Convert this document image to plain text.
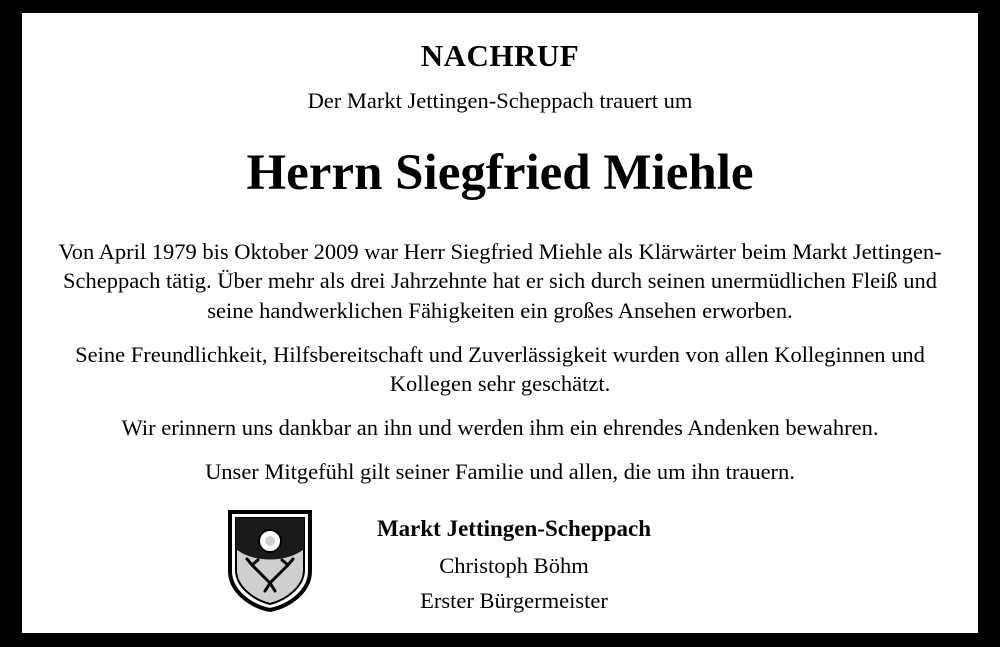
NACHRUF
Der Markt Jettingen-Scheppach trauert um
Herrn Siegfried Miehle

Von April 1979 bis Oktober 2009 war Herr Siegfried Miehle als Klärwärter beim Markt Jettingen-Scheppach tätig. Über mehr als drei Jahrzehnte hat er sich durch seinen unermüdlichen Fleiß und seine handwerklichen Fähigkeiten ein großes Ansehen erworben.

Seine Freundlichkeit, Hilfsbereitschaft und Zuverlässigkeit wurden von allen Kolleginnen und Kollegen sehr geschätzt.

Wir erinnern uns dankbar an ihn und werden ihm ein ehrendes Andenken bewahren.

Unser Mitgefühl gilt seiner Familie und allen, die um ihn trauern.

Markt Jettingen-Scheppach
Christoph Böhm
Erster Bürgermeister
